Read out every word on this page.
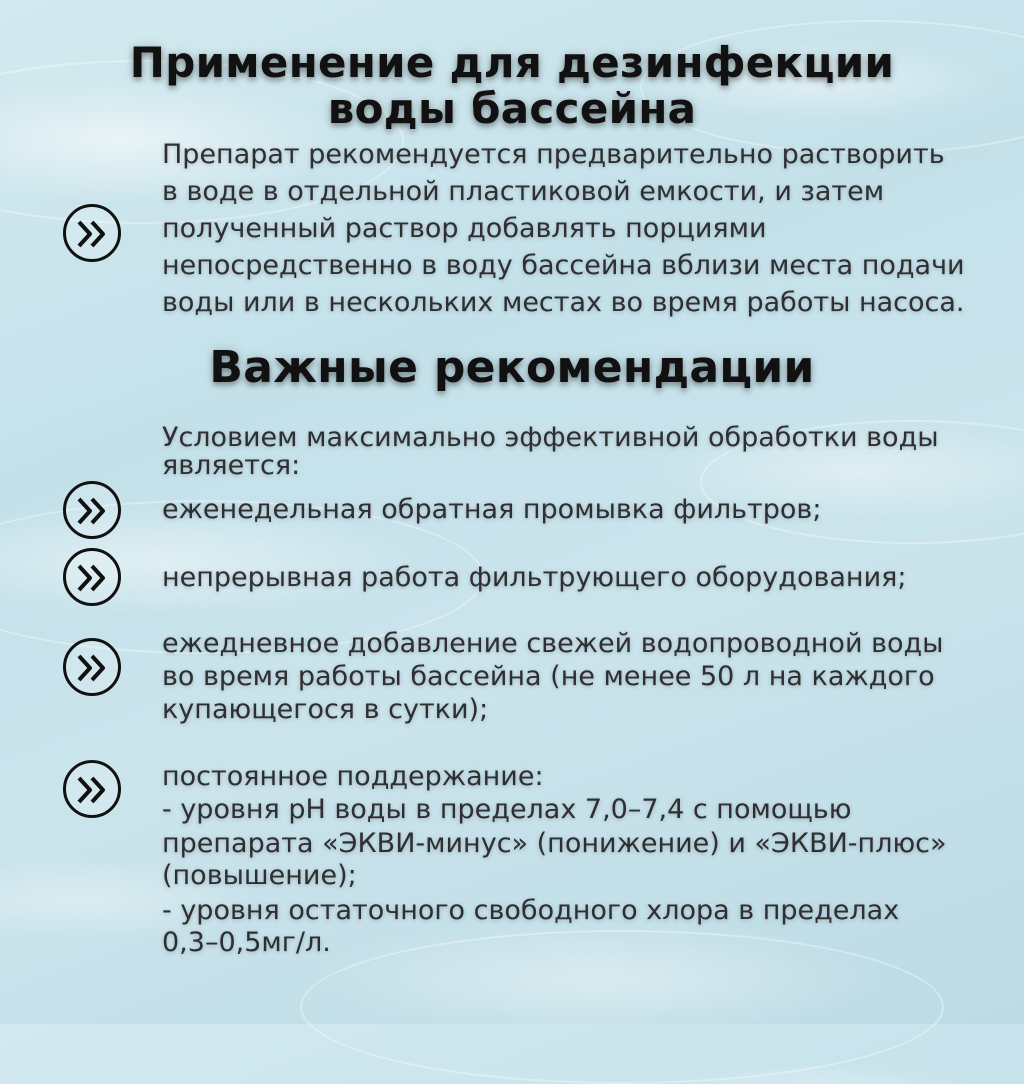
Применение для дезинфекции
воды бассейна

Препарат рекомендуется предварительно растворить

в воде в отдельной пластиковой емкости, и затем

полученный раствор добавлять порциями

непосредственно в воду бассейна вблизи места подачи

воды или в нескольких местах во время работы насоса.

Важные рекомендации

Условием максимально эффективной обработки воды

является:

еженедельная обратная промывка фильтров;

непрерывная работа фильтрующего оборудования;

ежедневное добавление свежей водопроводной воды

во время работы бассейна (не менее 50 л на каждого

купающегося в сутки);

постоянное поддержание:

- уровня рН воды в пределах 7,0–7,4 с помощью

препарата «ЭКВИ-минус» (понижение) и «ЭКВИ-плюс»

(повышение);

- уровня остаточного свободного хлора в пределах

0,3–0,5мг/л.
